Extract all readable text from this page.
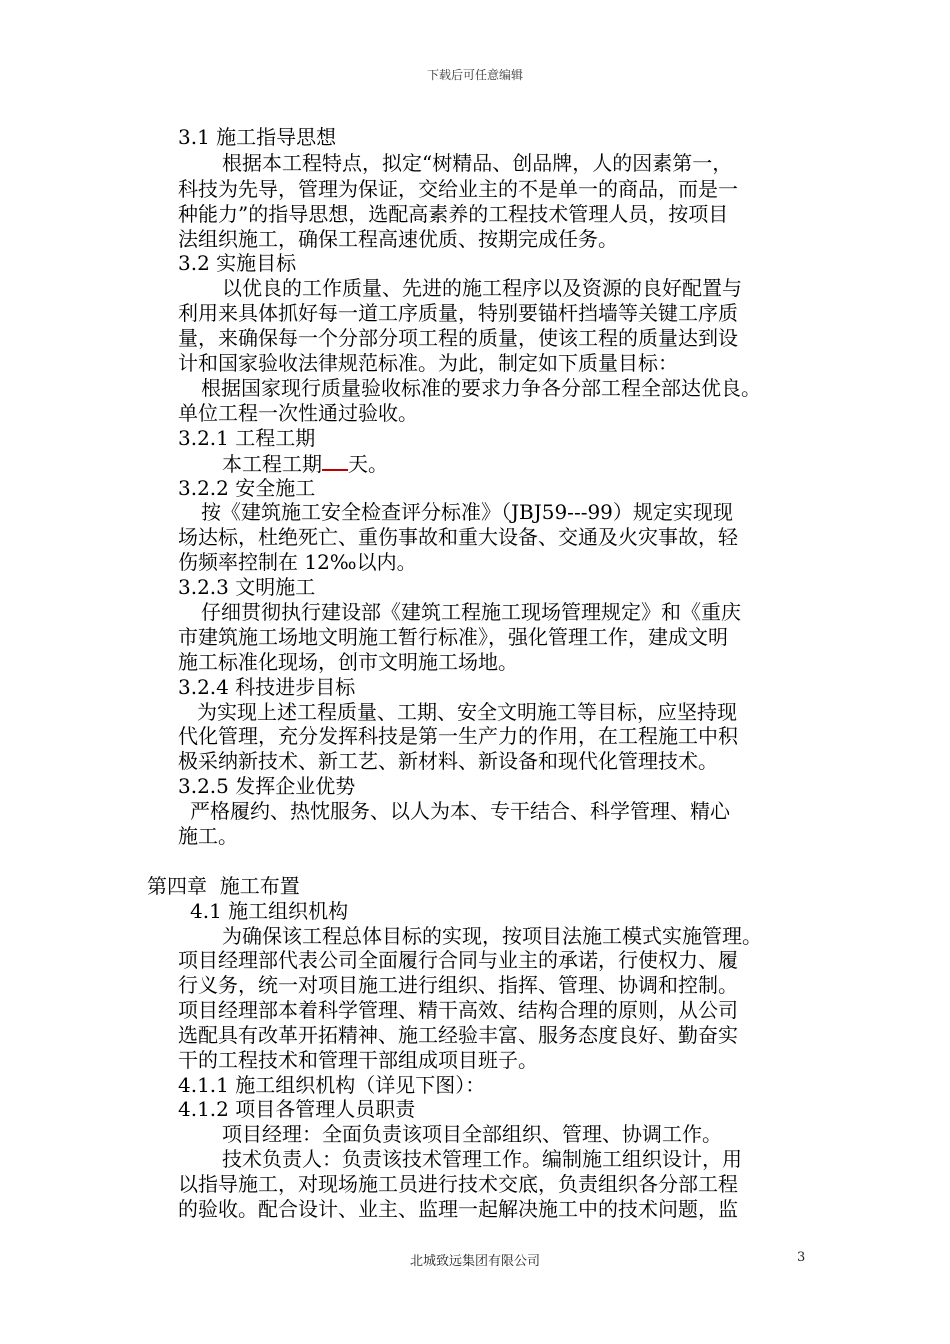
下载后可任意编辑
3.1 施工指导思想
根据本工程特点，拟定“树精品、创品牌，人的因素第一，
科技为先导，管理为保证，交给业主的不是单一的商品，而是一
种能力”的指导思想，选配高素养的工程技术管理人员，按项目
法组织施工，确保工程高速优质、按期完成任务。
3.2 实施目标
以优良的工作质量、先进的施工程序以及资源的良好配置与
利用来具体抓好每一道工序质量，特别要锚杆挡墙等关键工序质
量，来确保每一个分部分项工程的质量，使该工程的质量达到设
计和国家验收法律规范标准。为此，制定如下质量目标：
根据国家现行质量验收标准的要求力争各分部工程全部达优良。
单位工程一次性通过验收。
3.2.1 工程工期
本工程工期 天。
3.2.2 安全施工
按《建筑施工安全检查评分标准》（JBJ59---99）规定实现现
场达标，杜绝死亡、重伤事故和重大设备、交通及火灾事故，轻
伤频率控制在 12‰以内。
3.2.3 文明施工
仔细贯彻执行建设部《建筑工程施工现场管理规定》和《重庆
市建筑施工场地文明施工暂行标准》，强化管理工作，建成文明
施工标准化现场，创市文明施工场地。
3.2.4 科技进步目标
为实现上述工程质量、工期、安全文明施工等目标，应坚持现
代化管理，充分发挥科技是第一生产力的作用，在工程施工中积
极采纳新技术、新工艺、新材料、新设备和现代化管理技术。
3.2.5 发挥企业优势
严格履约、热忱服务、以人为本、专干结合、科学管理、精心
施工。
第四章  施工布置
4.1 施工组织机构
为确保该工程总体目标的实现，按项目法施工模式实施管理。
项目经理部代表公司全面履行合同与业主的承诺，行使权力、履
行义务，统一对项目施工进行组织、指挥、管理、协调和控制。
项目经理部本着科学管理、精干高效、结构合理的原则，从公司
选配具有改革开拓精神、施工经验丰富、服务态度良好、勤奋实
干的工程技术和管理干部组成项目班子。
4.1.1 施工组织机构（详见下图）：
4.1.2 项目各管理人员职责
项目经理：全面负责该项目全部组织、管理、协调工作。
技术负责人：负责该技术管理工作。编制施工组织设计，用
以指导施工，对现场施工员进行技术交底，负责组织各分部工程
的验收。配合设计、业主、监理一起解决施工中的技术问题，监
北城致远集团有限公司	3
